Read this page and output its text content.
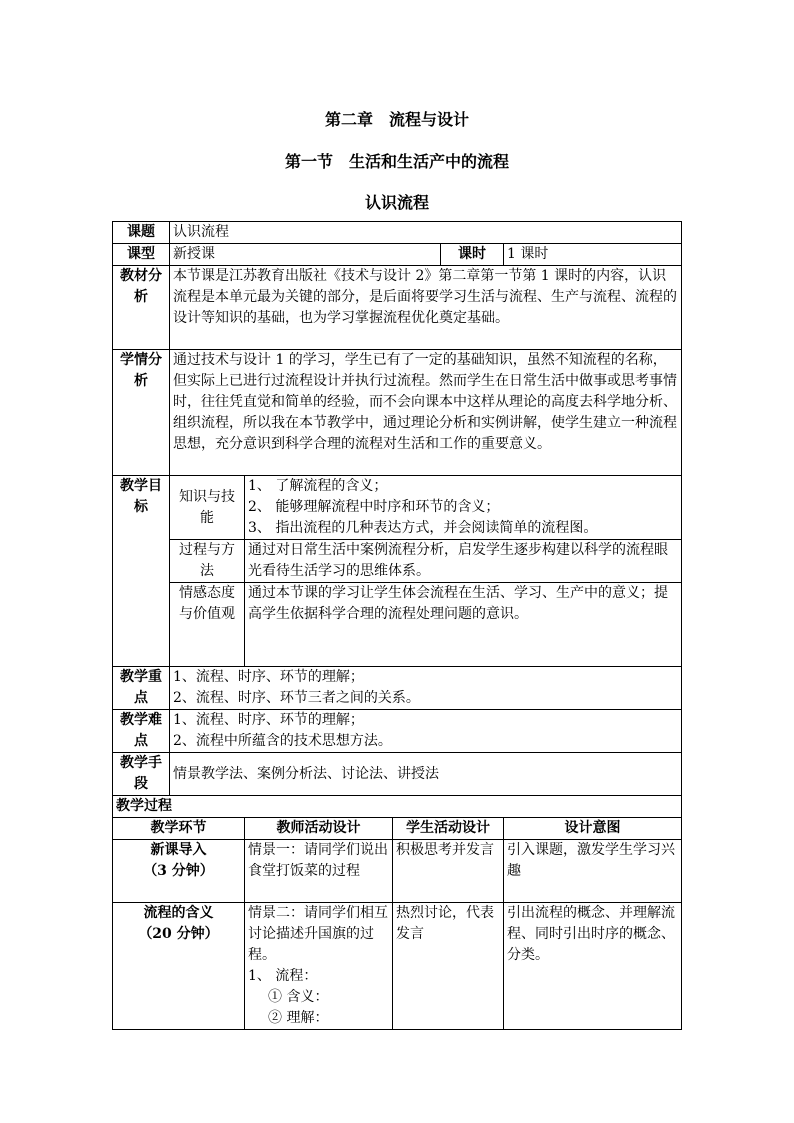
第二章　流程与设计
第一节　生活和生活产中的流程
认识流程
课题	认识流程				
课型	新授课			课时	1 课时
教材分析	本节课是江苏教育出版社《技术与设计 2》第二章第一节第 1 课时的内容，认识流程是本单元最为关键的部分，是后面将要学习生活与流程、生产与流程、流程的设计等知识的基础，也为学习掌握流程优化奠定基础。				
学情分析	通过技术与设计 1 的学习，学生已有了一定的基础知识，虽然不知流程的名称，但实际上已进行过流程设计并执行过流程。然而学生在日常生活中做事或思考事情时，往往凭直觉和简单的经验，而不会向课本中这样从理论的高度去科学地分析、组织流程，所以我在本节教学中，通过理论分析和实例讲解，使学生建立一种流程思想，充分意识到科学合理的流程对生活和工作的重要意义。				
教学目标	知识与技能	1、 了解流程的含义；
2、 能够理解流程中时序和环节的含义；
3、 指出流程的几种表达方式，并会阅读简单的流程图。			

	过程与方法	通过对日常生活中案例流程分析，启发学生逐步构建以科学的流程眼光看待生活学习的思维体系。			
	情感态度与价值观	通过本节课的学习让学生体会流程在生活、学习、生产中的意义；提高学生依据科学合理的流程处理问题的意识。			
教学重点	1、流程、时序、环节的理解；
2、流程、时序、环节三者之间的关系。				

教学难点	1、流程、时序、环节的理解；
2、流程中所蕴含的技术思想方法。				

教学手段	情景教学法、案例分析法、讨论法、讲授法				
教学过程					
教学环节		教师活动设计	学生活动设计		设计意图

新课导入
（3 分钟）		情景一：请同学们说出食堂打饭菜的过程	积极思考并发言		引入课题，激发学生学习兴趣

流程的含义
（20 分钟）		情景二：请同学们相互讨论描述升国旗的过程。
1、 流程：
① 含义：
② 理解：	热烈讨论，代表发言		引出流程的概念、并理解流程、同时引出时序的概念、分类。
